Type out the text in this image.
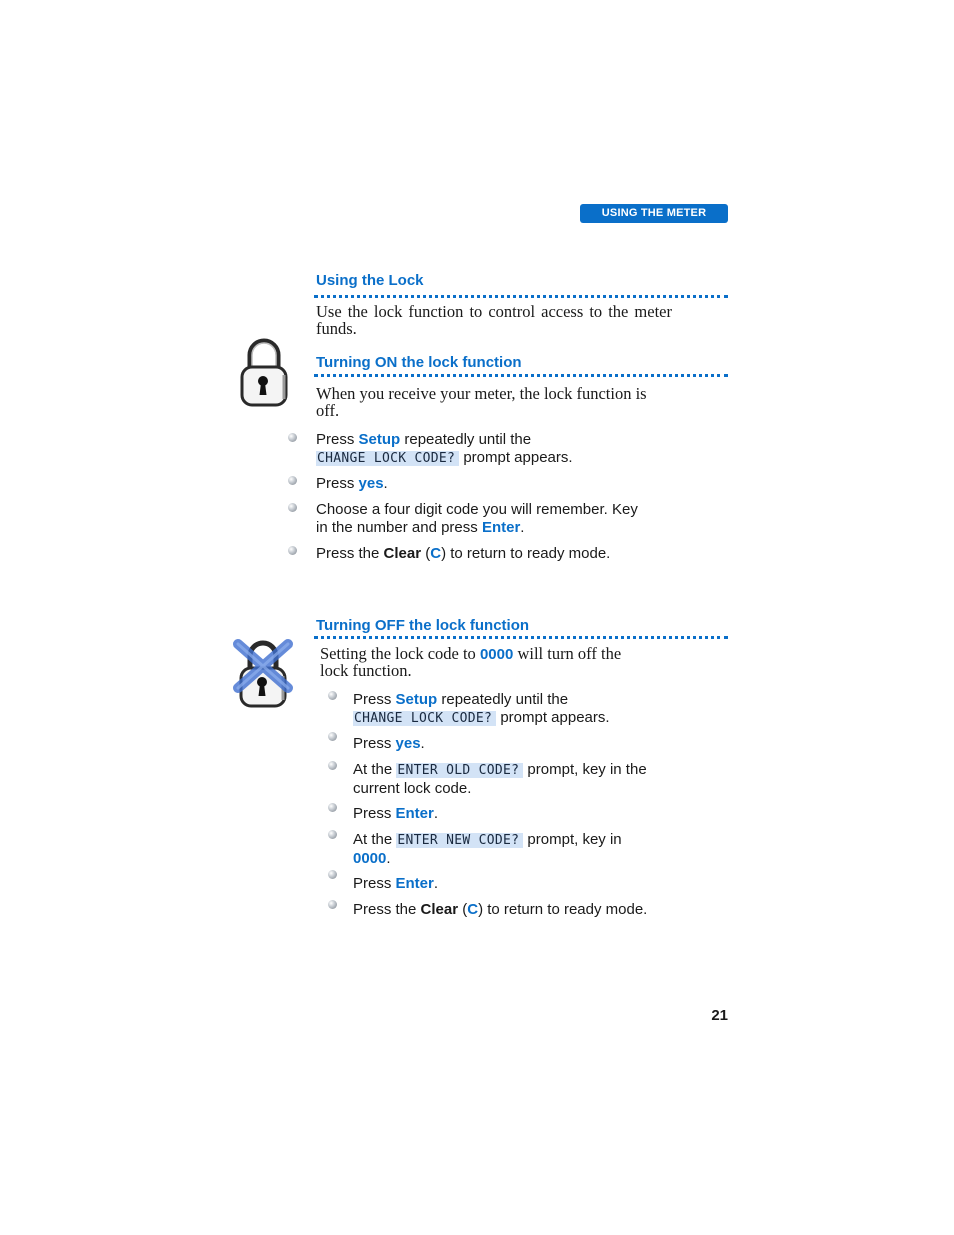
USING THE METER
Using the Lock
Use the lock function to control access to the meter funds.
Turning ON the lock function
When you receive your meter, the lock function is off.
Press Setup repeatedly until the
CHANGE LOCK CODE? prompt appears.
Press yes.
Choose a four digit code you will remember. Key
in the number and press Enter.
Press the Clear (C) to return to ready mode.
Turning OFF the lock function
Setting the lock code to 0000 will turn off the
lock function.
Press Setup repeatedly until the
CHANGE LOCK CODE? prompt appears.
Press yes.
At the ENTER OLD CODE? prompt, key in the
current lock code.
Press Enter.
At the ENTER NEW CODE? prompt, key in
0000.
Press Enter.
Press the Clear (C) to return to ready mode.
21
